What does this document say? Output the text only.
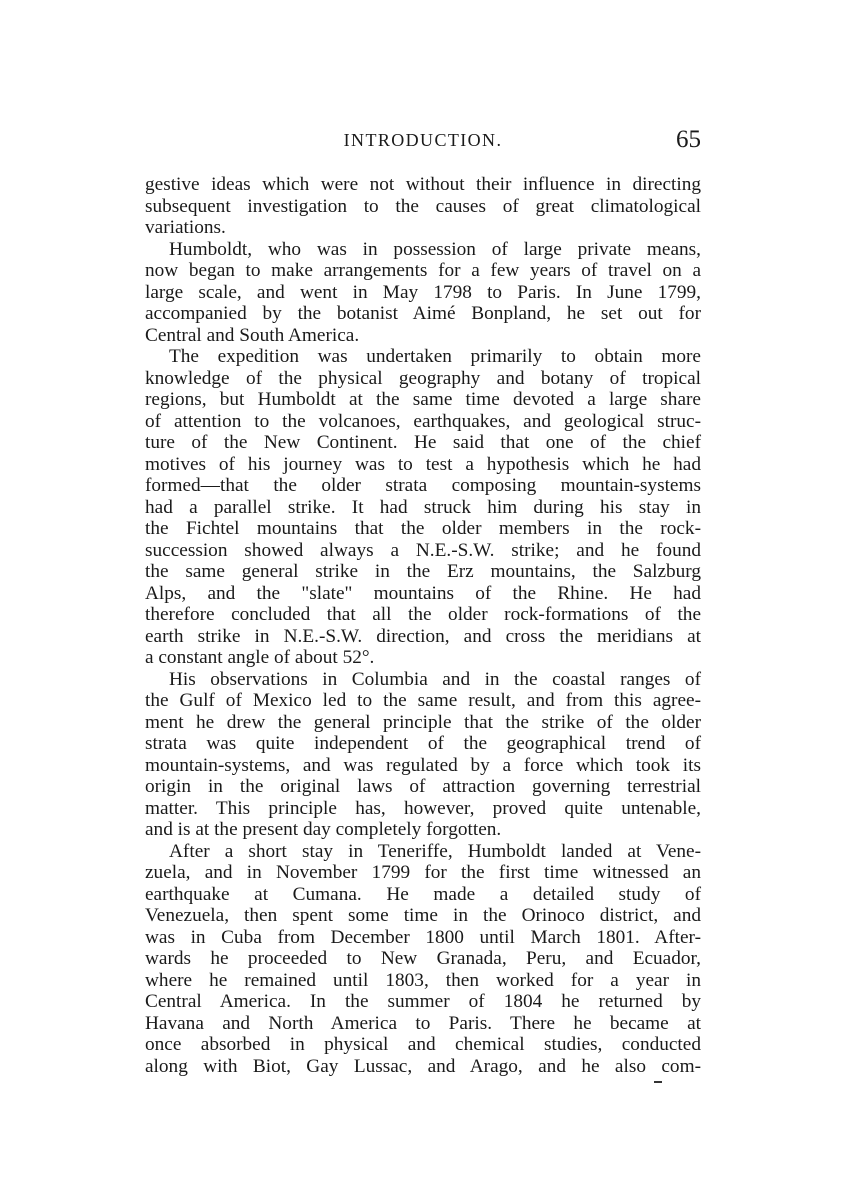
INTRODUCTION.	65
gestive ideas which were not without their influence in directing
subsequent investigation to the causes of great climatological
variations.
Humboldt, who was in possession of large private means,
now began to make arrangements for a few years of travel on a
large scale, and went in May 1798 to Paris. In June 1799,
accompanied by the botanist Aimé Bonpland, he set out for
Central and South America.
The expedition was undertaken primarily to obtain more
knowledge of the physical geography and botany of tropical
regions, but Humboldt at the same time devoted a large share
of attention to the volcanoes, earthquakes, and geological struc-
ture of the New Continent. He said that one of the chief
motives of his journey was to test a hypothesis which he had
formed—that the older strata composing mountain-systems
had a parallel strike. It had struck him during his stay in
the Fichtel mountains that the older members in the rock-
succession showed always a N.E.-S.W. strike; and he found
the same general strike in the Erz mountains, the Salzburg
Alps, and the "slate" mountains of the Rhine. He had
therefore concluded that all the older rock-formations of the
earth strike in N.E.-S.W. direction, and cross the meridians at
a constant angle of about 52°.
His observations in Columbia and in the coastal ranges of
the Gulf of Mexico led to the same result, and from this agree-
ment he drew the general principle that the strike of the older
strata was quite independent of the geographical trend of
mountain-systems, and was regulated by a force which took its
origin in the original laws of attraction governing terrestrial
matter. This principle has, however, proved quite untenable,
and is at the present day completely forgotten.
After a short stay in Teneriffe, Humboldt landed at Vene-
zuela, and in November 1799 for the first time witnessed an
earthquake at Cumana. He made a detailed study of
Venezuela, then spent some time in the Orinoco district, and
was in Cuba from December 1800 until March 1801. After-
wards he proceeded to New Granada, Peru, and Ecuador,
where he remained until 1803, then worked for a year in
Central America. In the summer of 1804 he returned by
Havana and North America to Paris. There he became at
once absorbed in physical and chemical studies, conducted
along with Biot, Gay Lussac, and Arago, and he also com-
